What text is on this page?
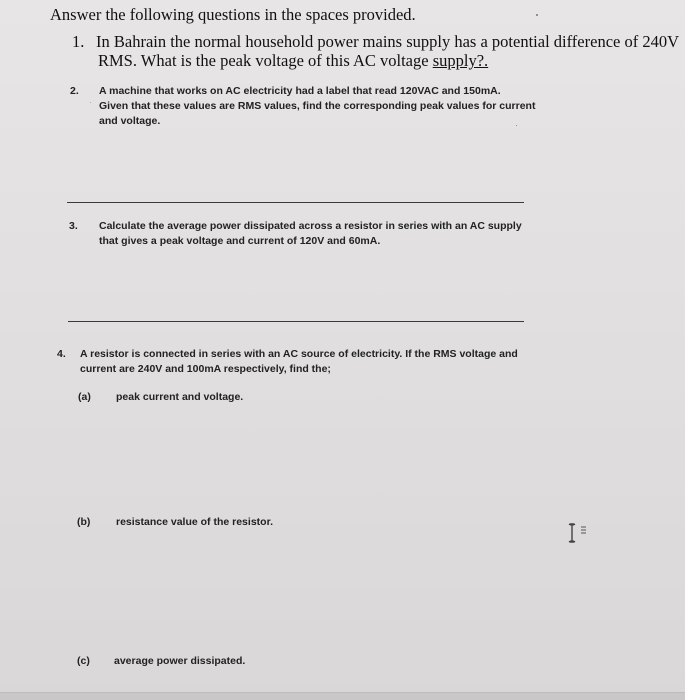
Answer the following questions in the spaces provided.
1. In Bahrain the normal household power mains supply has a potential difference of 240V
RMS. What is the peak voltage of this AC voltage supply?.
2. A machine that works on AC electricity had a label that read 120VAC and 150mA.
Given that these values are RMS values, find the corresponding peak values for current
and voltage.
3. Calculate the average power dissipated across a resistor in series with an AC supply
that gives a peak voltage and current of 120V and 60mA.
4. A resistor is connected in series with an AC source of electricity. If the RMS voltage and
current are 240V and 100mA respectively, find the;
(a) peak current and voltage.
(b) resistance value of the resistor.
(c) average power dissipated.
